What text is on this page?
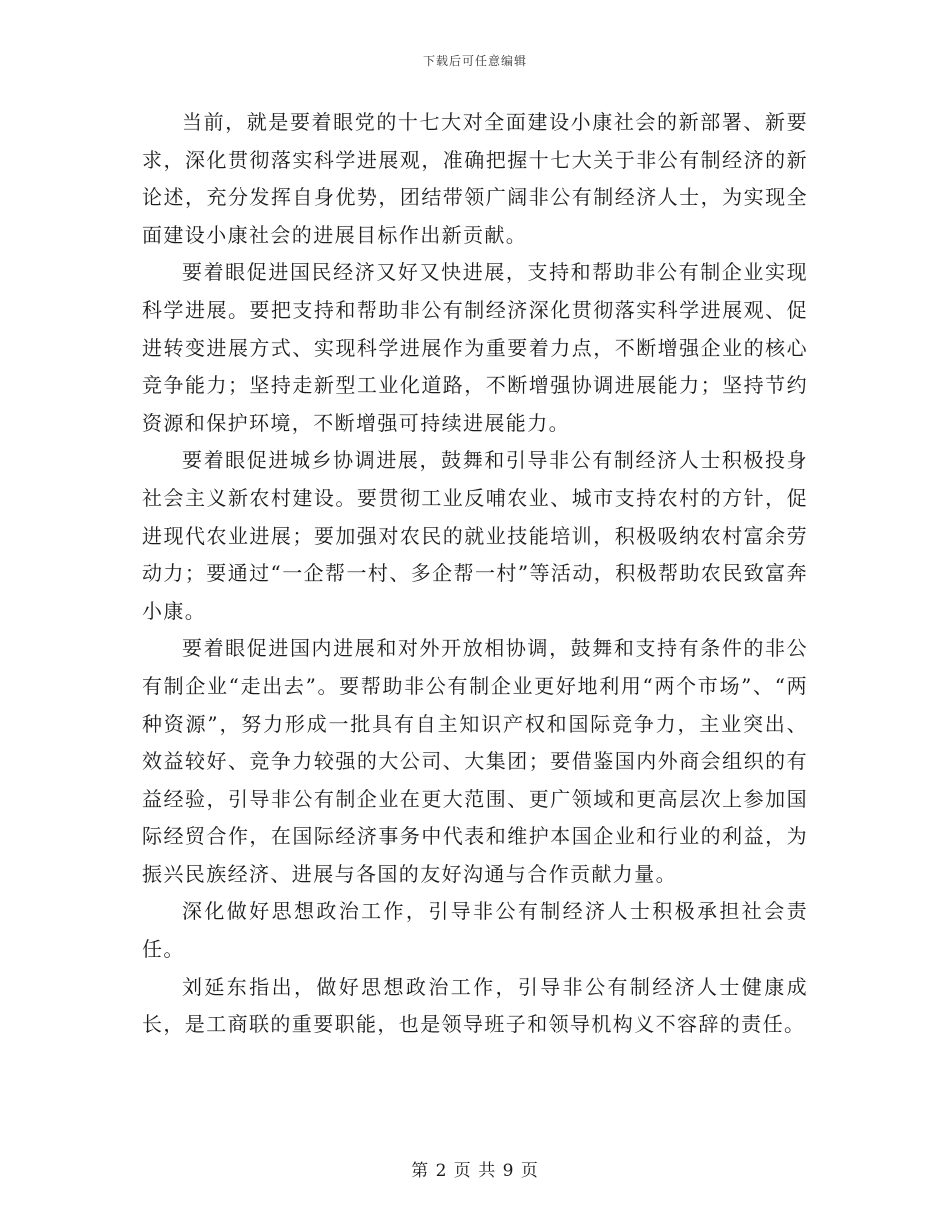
下载后可任意编辑

当前，就是要着眼党的十七大对全面建设小康社会的新部署、新要求，深化贯彻落实科学进展观，准确把握十七大关于非公有制经济的新论述，充分发挥自身优势，团结带领广阔非公有制经济人士，为实现全面建设小康社会的进展目标作出新贡献。

要着眼促进国民经济又好又快进展，支持和帮助非公有制企业实现科学进展。要把支持和帮助非公有制经济深化贯彻落实科学进展观、促进转变进展方式、实现科学进展作为重要着力点，不断增强企业的核心竞争能力；坚持走新型工业化道路，不断增强协调进展能力；坚持节约资源和保护环境，不断增强可持续进展能力。

要着眼促进城乡协调进展，鼓舞和引导非公有制经济人士积极投身社会主义新农村建设。要贯彻工业反哺农业、城市支持农村的方针，促进现代农业进展；要加强对农民的就业技能培训，积极吸纳农村富余劳动力；要通过“一企帮一村、多企帮一村”等活动，积极帮助农民致富奔小康。

要着眼促进国内进展和对外开放相协调，鼓舞和支持有条件的非公有制企业“走出去”。要帮助非公有制企业更好地利用“两个市场”、“两种资源”，努力形成一批具有自主知识产权和国际竞争力，主业突出、效益较好、竞争力较强的大公司、大集团；要借鉴国内外商会组织的有益经验，引导非公有制企业在更大范围、更广领域和更高层次上参加国际经贸合作，在国际经济事务中代表和维护本国企业和行业的利益，为振兴民族经济、进展与各国的友好沟通与合作贡献力量。

深化做好思想政治工作，引导非公有制经济人士积极承担社会责任。

刘延东指出，做好思想政治工作，引导非公有制经济人士健康成长，是工商联的重要职能，也是领导班子和领导机构义不容辞的责任。

第 2 页 共 9 页
